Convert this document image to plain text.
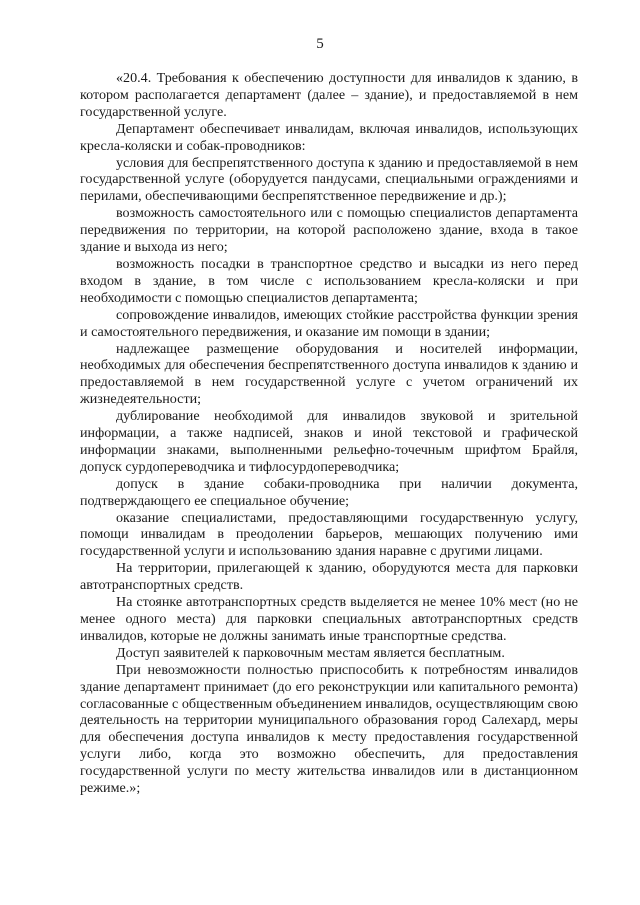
5

«20.4. Требования к обеспечению доступности для инвалидов к зданию, в котором располагается департамент (далее – здание), и предоставляемой в нем государственной услуге.

Департамент обеспечивает инвалидам, включая инвалидов, использующих кресла-коляски и собак-проводников:

условия для беспрепятственного доступа к зданию и предоставляемой в нем государственной услуге (оборудуется пандусами, специальными ограждениями и перилами, обеспечивающими беспрепятственное передвижение и др.);

возможность самостоятельного или с помощью специалистов департамента передвижения по территории, на которой расположено здание, входа в такое здание и выхода из него;

возможность посадки в транспортное средство и высадки из него перед входом в здание, в том числе с использованием кресла-коляски и при необходимости с помощью специалистов департамента;

сопровождение инвалидов, имеющих стойкие расстройства функции зрения и самостоятельного передвижения, и оказание им помощи в здании;

надлежащее размещение оборудования и носителей информации, необходимых для обеспечения беспрепятственного доступа инвалидов к зданию и предоставляемой в нем государственной услуге с учетом ограничений их жизнедеятельности;

дублирование необходимой для инвалидов звуковой и зрительной информации, а также надписей, знаков и иной текстовой и графической информации знаками, выполненными рельефно-точечным шрифтом Брайля, допуск сурдопереводчика и тифлосурдопереводчика;

допуск в здание собаки-проводника при наличии документа, подтверждающего ее специальное обучение;

оказание специалистами, предоставляющими государственную услугу, помощи инвалидам в преодолении барьеров, мешающих получению ими государственной услуги и использованию здания наравне с другими лицами.

На территории, прилегающей к зданию, оборудуются места для парковки автотранспортных средств.

На стоянке автотранспортных средств выделяется не менее 10% мест (но не менее одного места) для парковки специальных автотранспортных средств инвалидов, которые не должны занимать иные транспортные средства.

Доступ заявителей к парковочным местам является бесплатным.

При невозможности полностью приспособить к потребностям инвалидов здание департамент принимает (до его реконструкции или капитального ремонта) согласованные с общественным объединением инвалидов, осуществляющим свою деятельность на территории муниципального образования город Салехард, меры для обеспечения доступа инвалидов к месту предоставления государственной услуги либо, когда это возможно обеспечить, для предоставления государственной услуги по месту жительства инвалидов или в дистанционном режиме.»;
